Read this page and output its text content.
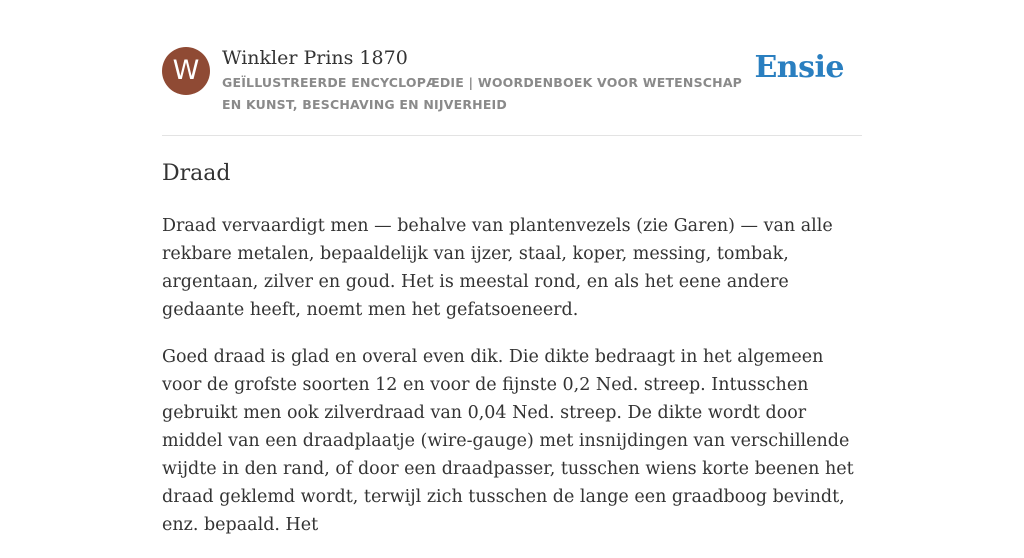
W	Winkler Prins 1870
GEÏLLUSTREERDE ENCYCLOPÆDIE | WOORDENBOEK VOOR WETENSCHAP EN KUNST, BESCHAVING EN NIJVERHEID
Ensie
Draad

Draad vervaardigt men — behalve van plantenvezels (zie Garen) — van alle rekbare metalen, bepaaldelijk van ijzer, staal, koper, messing, tombak, argentaan, zilver en goud. Het is meestal rond, en als het eene andere gedaante heeft, noemt men het gefatsoeneerd.

Goed draad is glad en overal even dik. Die dikte bedraagt in het algemeen voor de grofste soorten 12 en voor de fijnste 0,2 Ned. streep. Intusschen gebruikt men ook zilverdraad van 0,04 Ned. streep. De dikte wordt door middel van een draadplaatje (wire-gauge) met insnijdingen van verschillende wijdte in den rand, of door een draadpasser, tusschen wiens korte beenen het draad geklemd wordt, terwijl zich tusschen de lange een graadboog bevindt, enz. bepaald. Het
